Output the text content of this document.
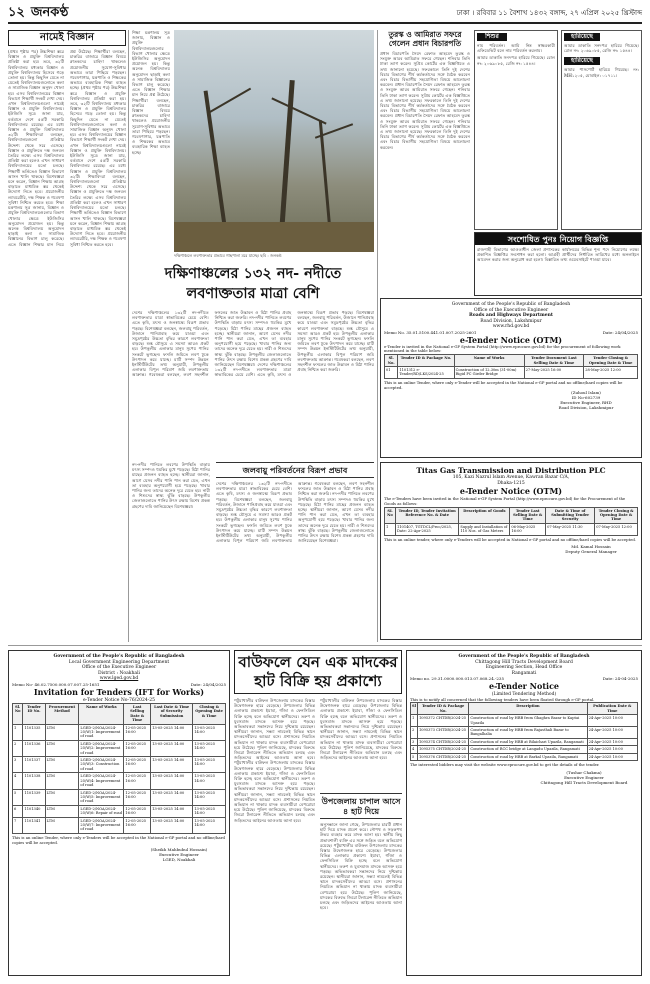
১২ জনকণ্ঠ	ঢাকা । রবিবার ১১ বৈশাখ ১৪৩২ বঙ্গাব্দ, ২৭ এপ্রিল ২০২৫ খ্রিস্টাব্দ
নামেই বিজ্ঞান
(প্রথম পৃষ্ঠার পর) উচ্চশিক্ষা স্তরে বিজ্ঞান ও প্রযুক্তি বিশ্ববিদ্যালয় প্রতিষ্ঠা করা হয়। তবে, ৩২টি বিশ্ববিদ্যালয় মধ্যকার বিজ্ঞান ও প্রযুক্তি বিশ্ববিদ্যালয় হিসেবে গড়ে তোলা হয়। কিন্তু কিছুদিন যেতে না যেতেই বিশ্ববিদ্যালয়গুলোতে কলা ও সামাজিক বিজ্ঞান অনুষদ খোলা হয়। এসব বিশ্ববিদ্যালয়ের বিজ্ঞান বিভাগে শিক্ষার্থী সংকট দেখা দেয়। এখন বিশ্ববিদ্যালয়গুলো নামেই বিজ্ঞান ও প্রযুক্তি বিশ্ববিদ্যালয়। ইউজিসি সূত্রে জানা যায়, বর্তমানে দেশে ৫৫টি সরকারি বিশ্ববিদ্যালয় রয়েছে। এর মধ্যে বিজ্ঞান ও প্রযুক্তি বিশ্ববিদ্যালয় ৩২টি। শিক্ষাবিদরা বলছেন, বিশ্ববিদ্যালয়গুলো প্রতিষ্ঠার উদ্দেশ্য থেকে সরে এসেছে। বিজ্ঞান ও প্রযুক্তিতে দক্ষ জনবল তৈরির লক্ষ্যে এসব বিশ্ববিদ্যালয় প্রতিষ্ঠা করা হলেও এখন সাধারণ বিশ্ববিদ্যালয়ের মতো চলছে। শিক্ষার্থী ভর্তিতেও বিজ্ঞান বিভাগে আসন খালি থাকছে। বিশেষজ্ঞরা মনে করেন, বিজ্ঞান শিক্ষায় আগ্রহ বাড়াতে মাধ্যমিক স্তর থেকেই উদ্যোগ নিতে হবে। প্রয়োজনীয় ল্যাবরেটরি, দক্ষ শিক্ষক ও গবেষণা সুবিধা নিশ্চিত করতে হবে। শিক্ষা মন্ত্রণালয় সূত্র জানায়, বিজ্ঞান ও প্রযুক্তি বিশ্ববিদ্যালয়গুলোর বিভাগ খোলার ক্ষেত্রে ইউজিসির অনুমোদন প্রয়োজন হয়। কিন্তু অনেক বিশ্ববিদ্যালয় অনুমোদন ছাড়াই কলা ও সামাজিক বিজ্ঞানের বিভাগ চালু করেছে। এতে বিজ্ঞান শিক্ষার মান নিয়ে প্রশ্ন উঠেছে। শিক্ষার্থীরা বলছেন, চাকরির বাজারে বিজ্ঞান বিষয়ে স্নাতকদের চাহিদা থাকলেও প্রয়োজনীয় সুযোগ-সুবিধার অভাবে তারা পিছিয়ে পড়ছেন। গবেষণাগার, যন্ত্রপাতি ও শিক্ষকের অভাবে ব্যবহারিক শিক্ষা ব্যাহত হচ্ছে। (প্রথম পৃষ্ঠার পর) উচ্চশিক্ষা স্তরে বিজ্ঞান ও প্রযুক্তি বিশ্ববিদ্যালয় প্রতিষ্ঠা করা হয়। তবে, ৩২টি বিশ্ববিদ্যালয় মধ্যকার বিজ্ঞান ও প্রযুক্তি বিশ্ববিদ্যালয় হিসেবে গড়ে তোলা হয়। কিন্তু কিছুদিন যেতে না যেতেই বিশ্ববিদ্যালয়গুলোতে কলা ও সামাজিক বিজ্ঞান অনুষদ খোলা হয়। এসব বিশ্ববিদ্যালয়ের বিজ্ঞান বিভাগে শিক্ষার্থী সংকট দেখা দেয়। এখন বিশ্ববিদ্যালয়গুলো নামেই বিজ্ঞান ও প্রযুক্তি বিশ্ববিদ্যালয়। ইউজিসি সূত্রে জানা যায়, বর্তমানে দেশে ৫৫টি সরকারি বিশ্ববিদ্যালয় রয়েছে। এর মধ্যে বিজ্ঞান ও প্রযুক্তি বিশ্ববিদ্যালয় ৩২টি। শিক্ষাবিদরা বলছেন, বিশ্ববিদ্যালয়গুলো প্রতিষ্ঠার উদ্দেশ্য থেকে সরে এসেছে। বিজ্ঞান ও প্রযুক্তিতে দক্ষ জনবল তৈরির লক্ষ্যে এসব বিশ্ববিদ্যালয় প্রতিষ্ঠা করা হলেও এখন সাধারণ বিশ্ববিদ্যালয়ের মতো চলছে। শিক্ষার্থী ভর্তিতেও বিজ্ঞান বিভাগে আসন খালি থাকছে। বিশেষজ্ঞরা মনে করেন, বিজ্ঞান শিক্ষায় আগ্রহ বাড়াতে মাধ্যমিক স্তর থেকেই উদ্যোগ নিতে হবে। প্রয়োজনীয় ল্যাবরেটরি, দক্ষ শিক্ষক ও গবেষণা সুবিধা নিশ্চিত করতে হবে।
শিক্ষা মন্ত্রণালয় সূত্র জানায়, বিজ্ঞান ও প্রযুক্তি বিশ্ববিদ্যালয়গুলোর বিভাগ খোলার ক্ষেত্রে ইউজিসির অনুমোদন প্রয়োজন হয়। কিন্তু অনেক বিশ্ববিদ্যালয় অনুমোদন ছাড়াই কলা ও সামাজিক বিজ্ঞানের বিভাগ চালু করেছে। এতে বিজ্ঞান শিক্ষার মান নিয়ে প্রশ্ন উঠেছে। শিক্ষার্থীরা বলছেন, চাকরির বাজারে বিজ্ঞান বিষয়ে স্নাতকদের চাহিদা থাকলেও প্রয়োজনীয় সুযোগ-সুবিধার অভাবে তারা পিছিয়ে পড়ছেন। গবেষণাগার, যন্ত্রপাতি ও শিক্ষকের অভাবে ব্যবহারিক শিক্ষা ব্যাহত হচ্ছে।
দক্ষিণাঞ্চলে লবণাক্ততার প্রভাবে গাছপালা মরে যাচ্ছে। ছবি : জনকণ্ঠ
দক্ষিণাঞ্চলের ১৩২ নদ- নদীতে লবণাক্ততার মাত্রা বেশি
দেশের দক্ষিণাঞ্চলের ১৩২টি নদ-নদীতে লবণাক্ততার মাত্রা স্বাভাবিকের চেয়ে বেশি। এতে কৃষি, মৎস্য ও জনস্বাস্থ্যে বিরূপ প্রভাব পড়ছে। বিশেষজ্ঞরা বলছেন, জলবায়ু পরিবর্তন, উজানে পানিপ্রবাহ কমে যাওয়া এবং সমুদ্রপৃষ্ঠের উচ্চতা বৃদ্ধির কারণে লবণাক্ততা বাড়ছে। শুষ্ক মৌসুমে এ সমস্যা আরও প্রকট হয়। উপকূলীয় এলাকার মানুষ সুপেয় পানির সংকটে ভুগছেন। ফসলি জমিতে লবণ ঢুকে উৎপাদন কমে যাচ্ছে। মাটি সম্পদ উন্নয়ন ইনস্টিটিউটের তথ্য অনুযায়ী, উপকূলীয় এলাকার বিপুল পরিমাণ জমি লবণাক্ততায় আক্রান্ত। গবেষকরা বলছেন, লবণ সহনশীল ফসলের জাত উদ্ভাবন ও মিঠা পানির প্রবাহ নিশ্চিত করা জরুরি। নদ-নদীর পানিতে লবণের উপস্থিতি বাড়ায় মৎস্য সম্পদও হুমকির মুখে পড়েছে। মিঠা পানির মাছের প্রজনন ব্যাহত হচ্ছে। স্থানীয়রা জানান, আগে যেসব নদীর পানি পান করা যেত, এখন তা ব্যবহার অনুপযোগী হয়ে পড়েছে। খাবার পানির জন্য তাদের অনেক দূরে যেতে হয়। নারী ও শিশুদের স্বাস্থ্য ঝুঁকি বাড়ছে। উপকূলীয় জেলাগুলোতে পানির উৎস রক্ষায় বিশেষ প্রকল্প গ্রহণের দাবি জানিয়েছেন বিশেষজ্ঞরা। দেশের দক্ষিণাঞ্চলের ১৩২টি নদ-নদীতে লবণাক্ততার মাত্রা স্বাভাবিকের চেয়ে বেশি। এতে কৃষি, মৎস্য ও জনস্বাস্থ্যে বিরূপ প্রভাব পড়ছে। বিশেষজ্ঞরা বলছেন, জলবায়ু পরিবর্তন, উজানে পানিপ্রবাহ কমে যাওয়া এবং সমুদ্রপৃষ্ঠের উচ্চতা বৃদ্ধির কারণে লবণাক্ততা বাড়ছে। শুষ্ক মৌসুমে এ সমস্যা আরও প্রকট হয়। উপকূলীয় এলাকার মানুষ সুপেয় পানির সংকটে ভুগছেন। ফসলি জমিতে লবণ ঢুকে উৎপাদন কমে যাচ্ছে। মাটি সম্পদ উন্নয়ন ইনস্টিটিউটের তথ্য অনুযায়ী, উপকূলীয় এলাকার বিপুল পরিমাণ জমি লবণাক্ততায় আক্রান্ত। গবেষকরা বলছেন, লবণ সহনশীল ফসলের জাত উদ্ভাবন ও মিঠা পানির প্রবাহ নিশ্চিত করা জরুরি।
নদ-নদীর পানিতে লবণের উপস্থিতি বাড়ায় মৎস্য সম্পদও হুমকির মুখে পড়েছে। মিঠা পানির মাছের প্রজনন ব্যাহত হচ্ছে। স্থানীয়রা জানান, আগে যেসব নদীর পানি পান করা যেত, এখন তা ব্যবহার অনুপযোগী হয়ে পড়েছে। খাবার পানির জন্য তাদের অনেক দূরে যেতে হয়। নারী ও শিশুদের স্বাস্থ্য ঝুঁকি বাড়ছে। উপকূলীয় জেলাগুলোতে পানির উৎস রক্ষায় বিশেষ প্রকল্প গ্রহণের দাবি জানিয়েছেন বিশেষজ্ঞরা।
জলবায়ু পরিবর্তনের বিরূপ প্রভাব
দেশের দক্ষিণাঞ্চলের ১৩২টি নদ-নদীতে লবণাক্ততার মাত্রা স্বাভাবিকের চেয়ে বেশি। এতে কৃষি, মৎস্য ও জনস্বাস্থ্যে বিরূপ প্রভাব পড়ছে। বিশেষজ্ঞরা বলছেন, জলবায়ু পরিবর্তন, উজানে পানিপ্রবাহ কমে যাওয়া এবং সমুদ্রপৃষ্ঠের উচ্চতা বৃদ্ধির কারণে লবণাক্ততা বাড়ছে। শুষ্ক মৌসুমে এ সমস্যা আরও প্রকট হয়। উপকূলীয় এলাকার মানুষ সুপেয় পানির সংকটে ভুগছেন। ফসলি জমিতে লবণ ঢুকে উৎপাদন কমে যাচ্ছে। মাটি সম্পদ উন্নয়ন ইনস্টিটিউটের তথ্য অনুযায়ী, উপকূলীয় এলাকার বিপুল পরিমাণ জমি লবণাক্ততায় আক্রান্ত। গবেষকরা বলছেন, লবণ সহনশীল ফসলের জাত উদ্ভাবন ও মিঠা পানির প্রবাহ নিশ্চিত করা জরুরি। নদ-নদীর পানিতে লবণের উপস্থিতি বাড়ায় মৎস্য সম্পদও হুমকির মুখে পড়েছে। মিঠা পানির মাছের প্রজনন ব্যাহত হচ্ছে। স্থানীয়রা জানান, আগে যেসব নদীর পানি পান করা যেত, এখন তা ব্যবহার অনুপযোগী হয়ে পড়েছে। খাবার পানির জন্য তাদের অনেক দূরে যেতে হয়। নারী ও শিশুদের স্বাস্থ্য ঝুঁকি বাড়ছে। উপকূলীয় জেলাগুলোতে পানির উৎস রক্ষায় বিশেষ প্রকল্প গ্রহণের দাবি জানিয়েছেন বিশেষজ্ঞরা।
তুরস্ক ও আমিরাত সফরে গেলেন প্রধান বিচারপতি
প্রধান বিচারপতি সৈয়দ রেফাত আহমেদ তুরস্ক ও সংযুক্ত আরব আমিরাত সফরে গেছেন। শনিবার তিনি ঢাকা ত্যাগ করেন। সুপ্রিম কোর্টের এক বিজ্ঞপ্তিতে এ তথ্য জানানো হয়েছে। সফরকালে তিনি দুই দেশের বিচার বিভাগের শীর্ষ কর্মকর্তাদের সঙ্গে বৈঠক করবেন এবং বিচার বিভাগীয় সহযোগিতা বিষয়ে আলোচনা করবেন। প্রধান বিচারপতি সৈয়দ রেফাত আহমেদ তুরস্ক ও সংযুক্ত আরব আমিরাত সফরে গেছেন। শনিবার তিনি ঢাকা ত্যাগ করেন। সুপ্রিম কোর্টের এক বিজ্ঞপ্তিতে এ তথ্য জানানো হয়েছে। সফরকালে তিনি দুই দেশের বিচার বিভাগের শীর্ষ কর্মকর্তাদের সঙ্গে বৈঠক করবেন এবং বিচার বিভাগীয় সহযোগিতা বিষয়ে আলোচনা করবেন। প্রধান বিচারপতি সৈয়দ রেফাত আহমেদ তুরস্ক ও সংযুক্ত আরব আমিরাত সফরে গেছেন। শনিবার তিনি ঢাকা ত্যাগ করেন। সুপ্রিম কোর্টের এক বিজ্ঞপ্তিতে এ তথ্য জানানো হয়েছে। সফরকালে তিনি দুই দেশের বিচার বিভাগের শীর্ষ কর্মকর্তাদের সঙ্গে বৈঠক করবেন এবং বিচার বিভাগীয় সহযোগিতা বিষয়ে আলোচনা করবেন।
শিশুর
নাম পরিবর্তন। আমি নিম্ন স্বাক্ষরকারী এফিডেভিট বলে নাম পরিবর্তন করলাম।
আমার ডাকাতি সনদপত্র হারিয়ে গিয়েছে। রোল নং: ২০৬৯০৮৫, রেজি নং: ১৫৪৪।
হারিয়েছে
আমার ডাকাতি সনদপত্র হারিয়ে গিয়েছে। রোল নং: ২০৬৯০৮৫, রেজি নং: ১৫৪৪।
হারিয়েছে
আমার পাসপোর্ট হারিয়ে গিয়েছে। নং: MH১২০৫, মোবাইল: ০১৭১১।
সংশোধিত পুনঃ নিয়োগ বিজ্ঞপ্তি
রাজশাহী বিভাগের আওতাধীন জেলা প্রশাসকের কার্যালয়ের বিভিন্ন শূন্য পদে নিয়োগের লক্ষ্যে প্রকাশিত বিজ্ঞপ্তির সংশোধন করা হলো। আগ্রহী প্রার্থীদের নির্ধারিত তারিখের মধ্যে অনলাইনে আবেদন করার জন্য অনুরোধ করা হলো। বিস্তারিত তথ্য ওয়েবসাইটে পাওয়া যাবে।
Government of the People's Republic of Bangladesh
Office of the Executive Engineer
Roads and Highways Department
Road Division, Lakshmipur
www.rhd.gov.bd
Memo No. 35.01.5100.441.01.007.2025-2601	Date: 24/04/2025
e-Tender Notice (OTM)
e-Tender is invited in the National e-GP System Portal (http://www.eprocure.gov.bd) for the procurement of following work mentioned in the table below:
Sl. No.	Tender ID & Package No.	Name of Works	Tender Document Last Selling Date & Time	Tender Closing & Opening Date & Time
01	1101312 e-Tender/RD/LKS/2024-25	Construction of 12.30m (31-00m) Rigid PC Girder Bridge	27-May-2025 16:00	28-May-2025 12:00
This is an online Tender, where only e-Tender will be accepted in the National e-GP portal and no offline/hard copies will be accepted.
(Zuhoul Islam)
ID No-602739
Executive Engineer, RHD
Road Division, Lakshmipur
Titas Gas Transmission and Distribution PLC
105, Kazi Nazrul Islam Avenue, Kawran Bazar C/A,
Dhaka-1215
e-Tender Notice (OTM)
The e-Tenders have been invited in the National e-GP System Portal (http://www.eprocure.gov.bd) for the Procurement of the Goods as follows:
SL No	Tender ID, Tender Invitation Reference No. & Date	Description of Goods	Tender Last Selling Date & Time	Date & Time of Submitting Tender Security	Tender Closing & Opening Date & Time
1	1101407, TGTDCL/Proc/2025, Date: 22-Apr-2025	Supply and Installation of 110 Nos. of Gas Meters	06-May-2025 16:00	07-May-2025 11:30	07-May-2025 12:00
This is an online tender, where only e-Tenders will be accepted in National e-GP portal and no offline/hard copies will be accepted.
Md. Kamal Hossain
Deputy General Manager
Government of the People's Republic of Bangladesh
Local Government Engineering Department
Office of the Executive Engineer
District : Noakhali
www.lged.gov.bd
Memo No- 46.02.7500.000.07.007.25-1651	Date: 24/04/2025
Invitation for Tenders (IFT for Works)
e-Tender Notice No-76/2024-25
Sl. No	Tender ID No.	Procurement Method	Name of Works	Last Selling Date & Time	Last Date & Time of Security Submission	Closing & Opening Date & Time
1	1101335	LTM	LGED-2/NOA/2024-25/W/1: Improvement of road	12-05-2025 16:00	13-05-2025 14:00	13-05-2025 14:00
2	1101336	LTM	LGED-2/NOA/2024-25/W/2: Improvement of road	12-05-2025 16:00	13-05-2025 14:00	13-05-2025 14:00
3	1101337	LTM	LGED-2/NOA/2024-25/W/3: Construction of road	12-05-2025 16:00	13-05-2025 14:00	13-05-2025 14:00
4	1101338	LTM	LGED-2/NOA/2024-25/W/4: Improvement of road	12-05-2025 16:00	13-05-2025 14:00	13-05-2025 14:00
5	1101339	LTM	LGED-2/NOA/2024-25/W/5: Improvement of road	12-05-2025 16:00	13-05-2025 14:00	13-05-2025 14:00
6	1101340	LTM	LGED-2/NOA/2024-25/W/6: Repair of road	12-05-2025 16:00	13-05-2025 14:00	13-05-2025 14:00
7	1101341	LTM	LGED-2/NOA/2024-25/W/7: Improvement of road	12-05-2025 16:00	13-05-2025 14:00	13-05-2025 14:00
This is an online Tender, where only e-Tenders will be accepted in the National e-GP portal and no offline/hard copies will be accepted.
(Sheikh Mahbubul Hossain)
Executive Engineer
LGED, Noakhali
বাউফলে যেন এক মাদকের হাট বিক্রি হয় প্রকাশ্যে
পটুয়াখালীর বাউফল উপজেলায় মাদকের বিস্তার উদ্বেগজনক হারে বেড়েছে। উপজেলার বিভিন্ন এলাকায় প্রকাশ্যে ইয়াবা, গাঁজা ও ফেনসিডিল বিক্রি হচ্ছে বলে অভিযোগ স্থানীয়দের। তরুণ ও যুবসমাজ মাদকে আসক্ত হয়ে পড়ছে। অভিভাবকরা সন্তানদের নিয়ে দুশ্চিন্তায় রয়েছেন। স্থানীয়রা জানান, সন্ধ্যা নামলেই বিভিন্ন স্থানে মাদকসেবীদের আড্ডা বসে। প্রশাসনের নিয়মিত অভিযান না থাকায় মাদক ব্যবসায়ীরা বেপরোয়া হয়ে উঠেছে। পুলিশ জানিয়েছে, মাদকের বিরুদ্ধে জিরো টলারেন্স নীতিতে অভিযান চলছে এবং জড়িতদের আইনের আওতায় আনা হবে। পটুয়াখালীর বাউফল উপজেলায় মাদকের বিস্তার উদ্বেগজনক হারে বেড়েছে। উপজেলার বিভিন্ন এলাকায় প্রকাশ্যে ইয়াবা, গাঁজা ও ফেনসিডিল বিক্রি হচ্ছে বলে অভিযোগ স্থানীয়দের। তরুণ ও যুবসমাজ মাদকে আসক্ত হয়ে পড়ছে। অভিভাবকরা সন্তানদের নিয়ে দুশ্চিন্তায় রয়েছেন। স্থানীয়রা জানান, সন্ধ্যা নামলেই বিভিন্ন স্থানে মাদকসেবীদের আড্ডা বসে। প্রশাসনের নিয়মিত অভিযান না থাকায় মাদক ব্যবসায়ীরা বেপরোয়া হয়ে উঠেছে। পুলিশ জানিয়েছে, মাদকের বিরুদ্ধে জিরো টলারেন্স নীতিতে অভিযান চলছে এবং জড়িতদের আইনের আওতায় আনা হবে।
পটুয়াখালীর বাউফল উপজেলায় মাদকের বিস্তার উদ্বেগজনক হারে বেড়েছে। উপজেলার বিভিন্ন এলাকায় প্রকাশ্যে ইয়াবা, গাঁজা ও ফেনসিডিল বিক্রি হচ্ছে বলে অভিযোগ স্থানীয়দের। তরুণ ও যুবসমাজ মাদকে আসক্ত হয়ে পড়ছে। অভিভাবকরা সন্তানদের নিয়ে দুশ্চিন্তায় রয়েছেন। স্থানীয়রা জানান, সন্ধ্যা নামলেই বিভিন্ন স্থানে মাদকসেবীদের আড্ডা বসে। প্রশাসনের নিয়মিত অভিযান না থাকায় মাদক ব্যবসায়ীরা বেপরোয়া হয়ে উঠেছে। পুলিশ জানিয়েছে, মাদকের বিরুদ্ধে জিরো টলারেন্স নীতিতে অভিযান চলছে এবং জড়িতদের আইনের আওতায় আনা হবে।
উপজেলায় চাপাল আসে ৪ হাট দিয়ে
অনুসন্ধানে জানা গেছে, উপজেলার চারটি প্রধান হাট দিয়ে মাদক প্রবেশ করে। নৌপথ ও সড়কপথ উভয় ব্যবহার করে মাদক আনা হয়। স্থানীয় কিছু প্রভাবশালী ব্যক্তি এর সঙ্গে জড়িত বলে অভিযোগ রয়েছে। পটুয়াখালীর বাউফল উপজেলায় মাদকের বিস্তার উদ্বেগজনক হারে বেড়েছে। উপজেলার বিভিন্ন এলাকায় প্রকাশ্যে ইয়াবা, গাঁজা ও ফেনসিডিল বিক্রি হচ্ছে বলে অভিযোগ স্থানীয়দের। তরুণ ও যুবসমাজ মাদকে আসক্ত হয়ে পড়ছে। অভিভাবকরা সন্তানদের নিয়ে দুশ্চিন্তায় রয়েছেন। স্থানীয়রা জানান, সন্ধ্যা নামলেই বিভিন্ন স্থানে মাদকসেবীদের আড্ডা বসে। প্রশাসনের নিয়মিত অভিযান না থাকায় মাদক ব্যবসায়ীরা বেপরোয়া হয়ে উঠেছে। পুলিশ জানিয়েছে, মাদকের বিরুদ্ধে জিরো টলারেন্স নীতিতে অভিযান চলছে এবং জড়িতদের আইনের আওতায় আনা হবে।
Government of the People's Republic of Bangladesh
Chittagong Hill Tracts Development Board
Engineering Section, Head Office
Rangamati
Memo no. 29.31.0000.000.013.07.068.24.-235	Date: 24-04-2025
e-Tender Notice
(Limited Tendering Method)
This is to notify all concerned that the following tenders have been floated through e-GP portal.
Sl	Tender ID & Package No.	Description	Publication Date & Time
1	1095372 CHTDB/2024-25	Construction of road by HBB from Ghaghra Bazar to Kaptai Upazila	24-Apr-2025 10:00
2	1095373 CHTDB/2024-25	Construction of road by HBB from Rajasthali Bazar to Bangalhalia	24-Apr-2025 10:00
3	1095374 CHTDB/2024-25	Construction of road by HBB at Bilaichari Upazila, Rangamati	24-Apr-2025 10:00
4	1095375 CHTDB/2024-25	Construction of RCC bridge at Langadu Upazila, Rangamati	24-Apr-2025 10:00
5	1095376 CHTDB/2024-25	Construction of road by HBB at Barkal Upazila, Rangamati	24-Apr-2025 10:00
The interested bidders may visit the website www.eprocure.gov.bd to get the details of the tender.
(Tushar Chakma)
Executive Engineer
Chittagong Hill Tracts Development Board
